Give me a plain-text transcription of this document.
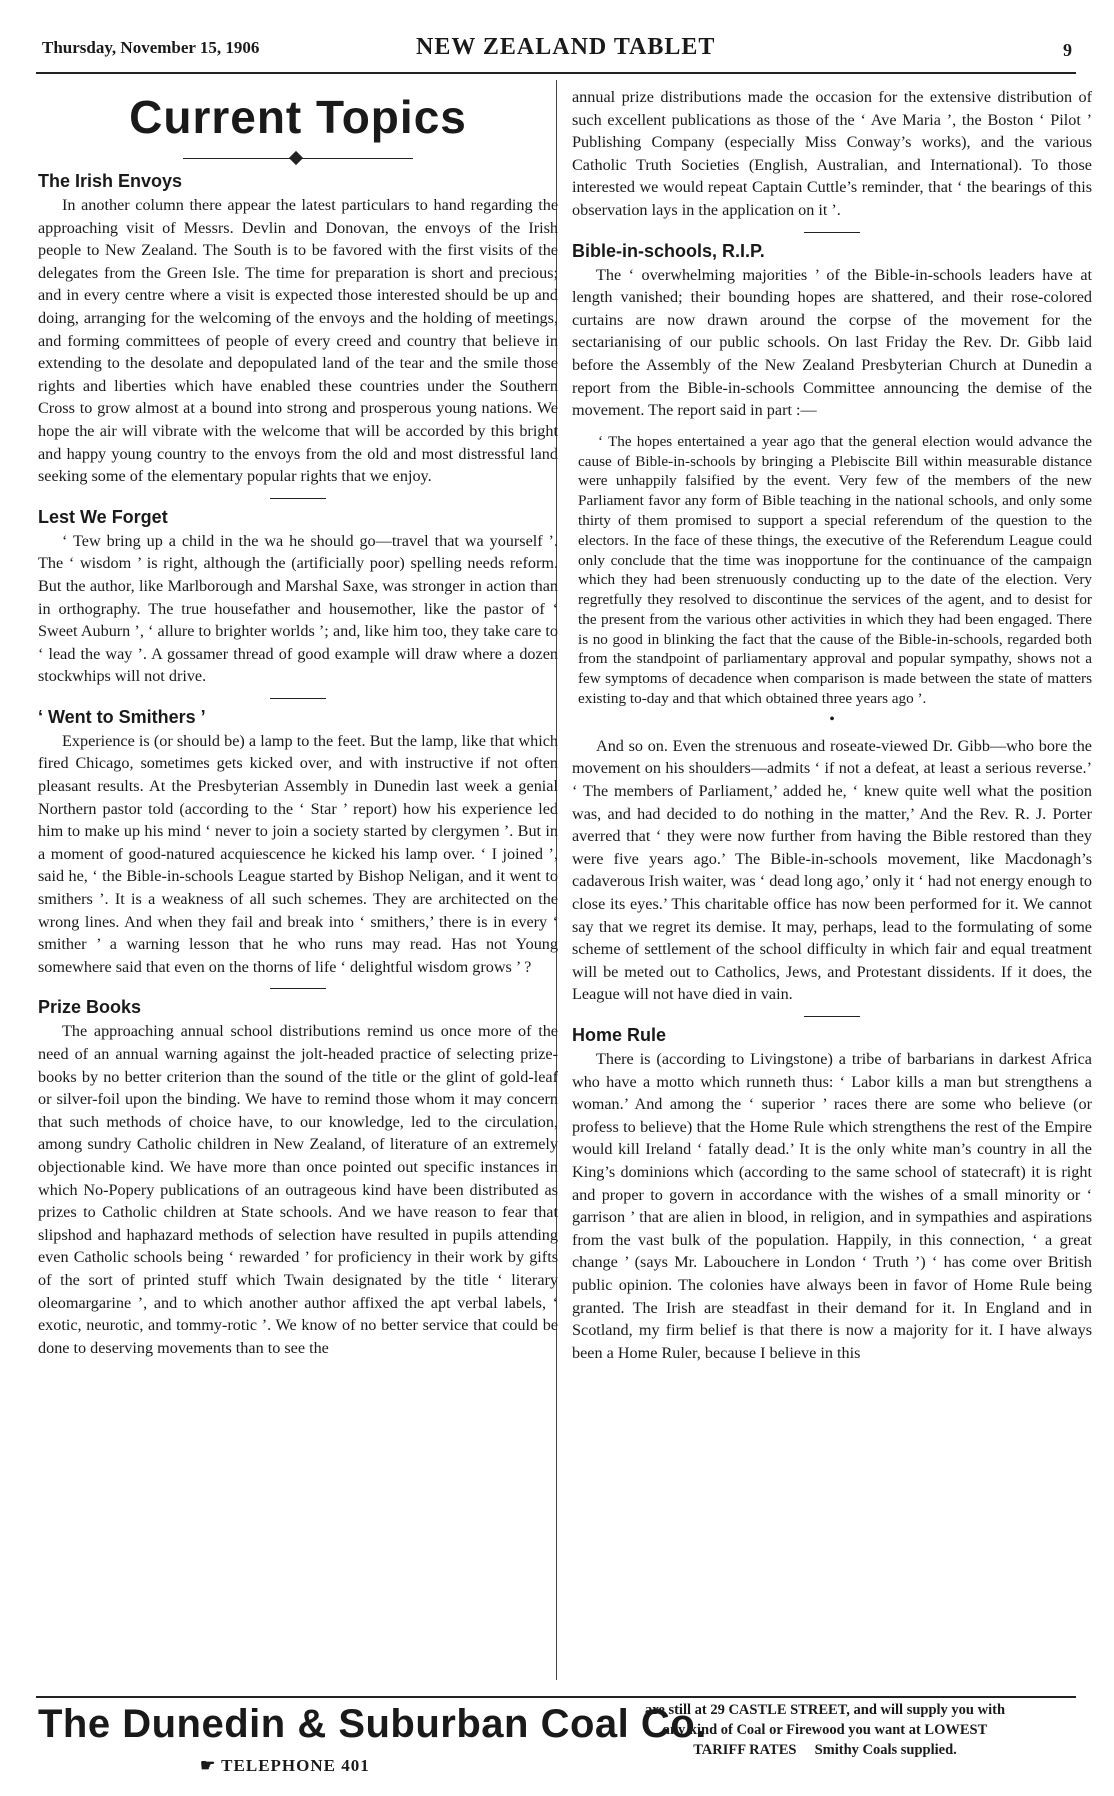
Thursday, November 15, 1906	NEW ZEALAND TABLET	9
Current Topics
The Irish Envoys

In another column there appear the latest particulars to hand regarding the approaching visit of Messrs. Devlin and Donovan, the envoys of the Irish people to New Zealand. The South is to be favored with the first visits of the delegates from the Green Isle. The time for preparation is short and precious; and in every centre where a visit is expected those interested should be up and doing, arranging for the welcoming of the envoys and the holding of meetings, and forming committees of people of every creed and country that believe in extending to the desolate and depopulated land of the tear and the smile those rights and liberties which have enabled these countries under the Southern Cross to grow almost at a bound into strong and prosperous young nations. We hope the air will vibrate with the welcome that will be accorded by this bright and happy young country to the envoys from the old and most distressful land seeking some of the elementary popular rights that we enjoy.

Lest We Forget

‘ Tew bring up a child in the wa he should go—travel that wa yourself ’. The ‘ wisdom ’ is right, although the (artificially poor) spelling needs reform. But the author, like Marlborough and Marshal Saxe, was stronger in action than in orthography. The true housefather and housemother, like the pastor of ‘ Sweet Auburn ’, ‘ allure to brighter worlds ’; and, like him too, they take care to ‘ lead the way ’. A gossamer thread of good example will draw where a dozen stockwhips will not drive.

‘ Went to Smithers ’

Experience is (or should be) a lamp to the feet. But the lamp, like that which fired Chicago, sometimes gets kicked over, and with instructive if not often pleasant results. At the Presbyterian Assembly in Dunedin last week a genial Northern pastor told (according to the ‘ Star ’ report) how his experience led him to make up his mind ‘ never to join a society started by clergymen ’. But in a moment of good-natured acquiescence he kicked his lamp over. ‘ I joined ’, said he, ‘ the Bible-in-schools League started by Bishop Neligan, and it went to smithers ’. It is a weakness of all such schemes. They are architected on the wrong lines. And when they fail and break into ‘ smithers,’ there is in every ‘ smither ’ a warning lesson that he who runs may read. Has not Young somewhere said that even on the thorns of life ‘ delightful wisdom grows ’ ?

Prize Books

The approaching annual school distributions remind us once more of the need of an annual warning against the jolt-headed practice of selecting prize-books by no better criterion than the sound of the title or the glint of gold-leaf or silver-foil upon the binding. We have to remind those whom it may concern that such methods of choice have, to our knowledge, led to the circulation, among sundry Catholic children in New Zealand, of literature of an extremely objectionable kind. We have more than once pointed out specific instances in which No-Popery publications of an outrageous kind have been distributed as prizes to Catholic children at State schools. And we have reason to fear that slipshod and haphazard methods of selection have resulted in pupils attending even Catholic schools being ‘ rewarded ’ for proficiency in their work by gifts of the sort of printed stuff which Twain designated by the title ‘ literary oleomargarine ’, and to which another author affixed the apt verbal labels, ‘ exotic, neurotic, and tommy-rotic ’. We know of no better service that could be done to deserving movements than to see the

annual prize distributions made the occasion for the extensive distribution of such excellent publications as those of the ‘ Ave Maria ’, the Boston ‘ Pilot ’ Publishing Company (especially Miss Conway’s works), and the various Catholic Truth Societies (English, Australian, and International). To those interested we would repeat Captain Cuttle’s reminder, that ‘ the bearings of this observation lays in the application on it ’.

Bible-in-schools, R.I.P.

The ‘ overwhelming majorities ’ of the Bible-in-schools leaders have at length vanished; their bounding hopes are shattered, and their rose-colored curtains are now drawn around the corpse of the movement for the sectarianising of our public schools. On last Friday the Rev. Dr. Gibb laid before the Assembly of the New Zealand Presbyterian Church at Dunedin a report from the Bible-in-schools Committee announcing the demise of the movement. The report said in part :—

‘ The hopes entertained a year ago that the general election would advance the cause of Bible-in-schools by bringing a Plebiscite Bill within measurable distance were unhappily falsified by the event. Very few of the members of the new Parliament favor any form of Bible teaching in the national schools, and only some thirty of them promised to support a special referendum of the question to the electors. In the face of these things, the executive of the Referendum League could only conclude that the time was inopportune for the continuance of the campaign which they had been strenuously conducting up to the date of the election. Very regretfully they resolved to discontinue the services of the agent, and to desist for the present from the various other activities in which they had been engaged. There is no good in blinking the fact that the cause of the Bible-in-schools, regarded both from the standpoint of parliamentary approval and popular sympathy, shows not a few symptoms of decadence when comparison is made between the state of matters existing to-day and that which obtained three years ago ’.

•

And so on. Even the strenuous and roseate-viewed Dr. Gibb—who bore the movement on his shoulders—admits ‘ if not a defeat, at least a serious reverse.’ ‘ The members of Parliament,’ added he, ‘ knew quite well what the position was, and had decided to do nothing in the matter,’ And the Rev. R. J. Porter averred that ‘ they were now further from having the Bible restored than they were five years ago.’ The Bible-in-schools movement, like Macdonagh’s cadaverous Irish waiter, was ‘ dead long ago,’ only it ‘ had not energy enough to close its eyes.’ This charitable office has now been performed for it. We cannot say that we regret its demise. It may, perhaps, lead to the formulating of some scheme of settlement of the school difficulty in which fair and equal treatment will be meted out to Catholics, Jews, and Protestant dissidents. If it does, the League will not have died in vain.

Home Rule

There is (according to Livingstone) a tribe of barbarians in darkest Africa who have a motto which runneth thus: ‘ Labor kills a man but strengthens a woman.’ And among the ‘ superior ’ races there are some who believe (or profess to believe) that the Home Rule which strengthens the rest of the Empire would kill Ireland ‘ fatally dead.’ It is the only white man’s country in all the King’s dominions which (according to the same school of statecraft) it is right and proper to govern in accordance with the wishes of a small minority or ‘ garrison ’ that are alien in blood, in religion, and in sympathies and aspirations from the vast bulk of the population. Happily, in this connection, ‘ a great change ’ (says Mr. Labouchere in London ‘ Truth ’) ‘ has come over British public opinion. The colonies have always been in favor of Home Rule being granted. The Irish are steadfast in their demand for it. In England and in Scotland, my firm belief is that there is now a majority for it. I have always been a Home Ruler, because I believe in this

The Dunedin & Suburban Coal Co.
☛ TELEPHONE 401
are still at 29 CASTLE STREET, and will supply you with
any kind of Coal or Firewood you want at LOWEST
TARIFF RATES     Smithy Coals supplied.
